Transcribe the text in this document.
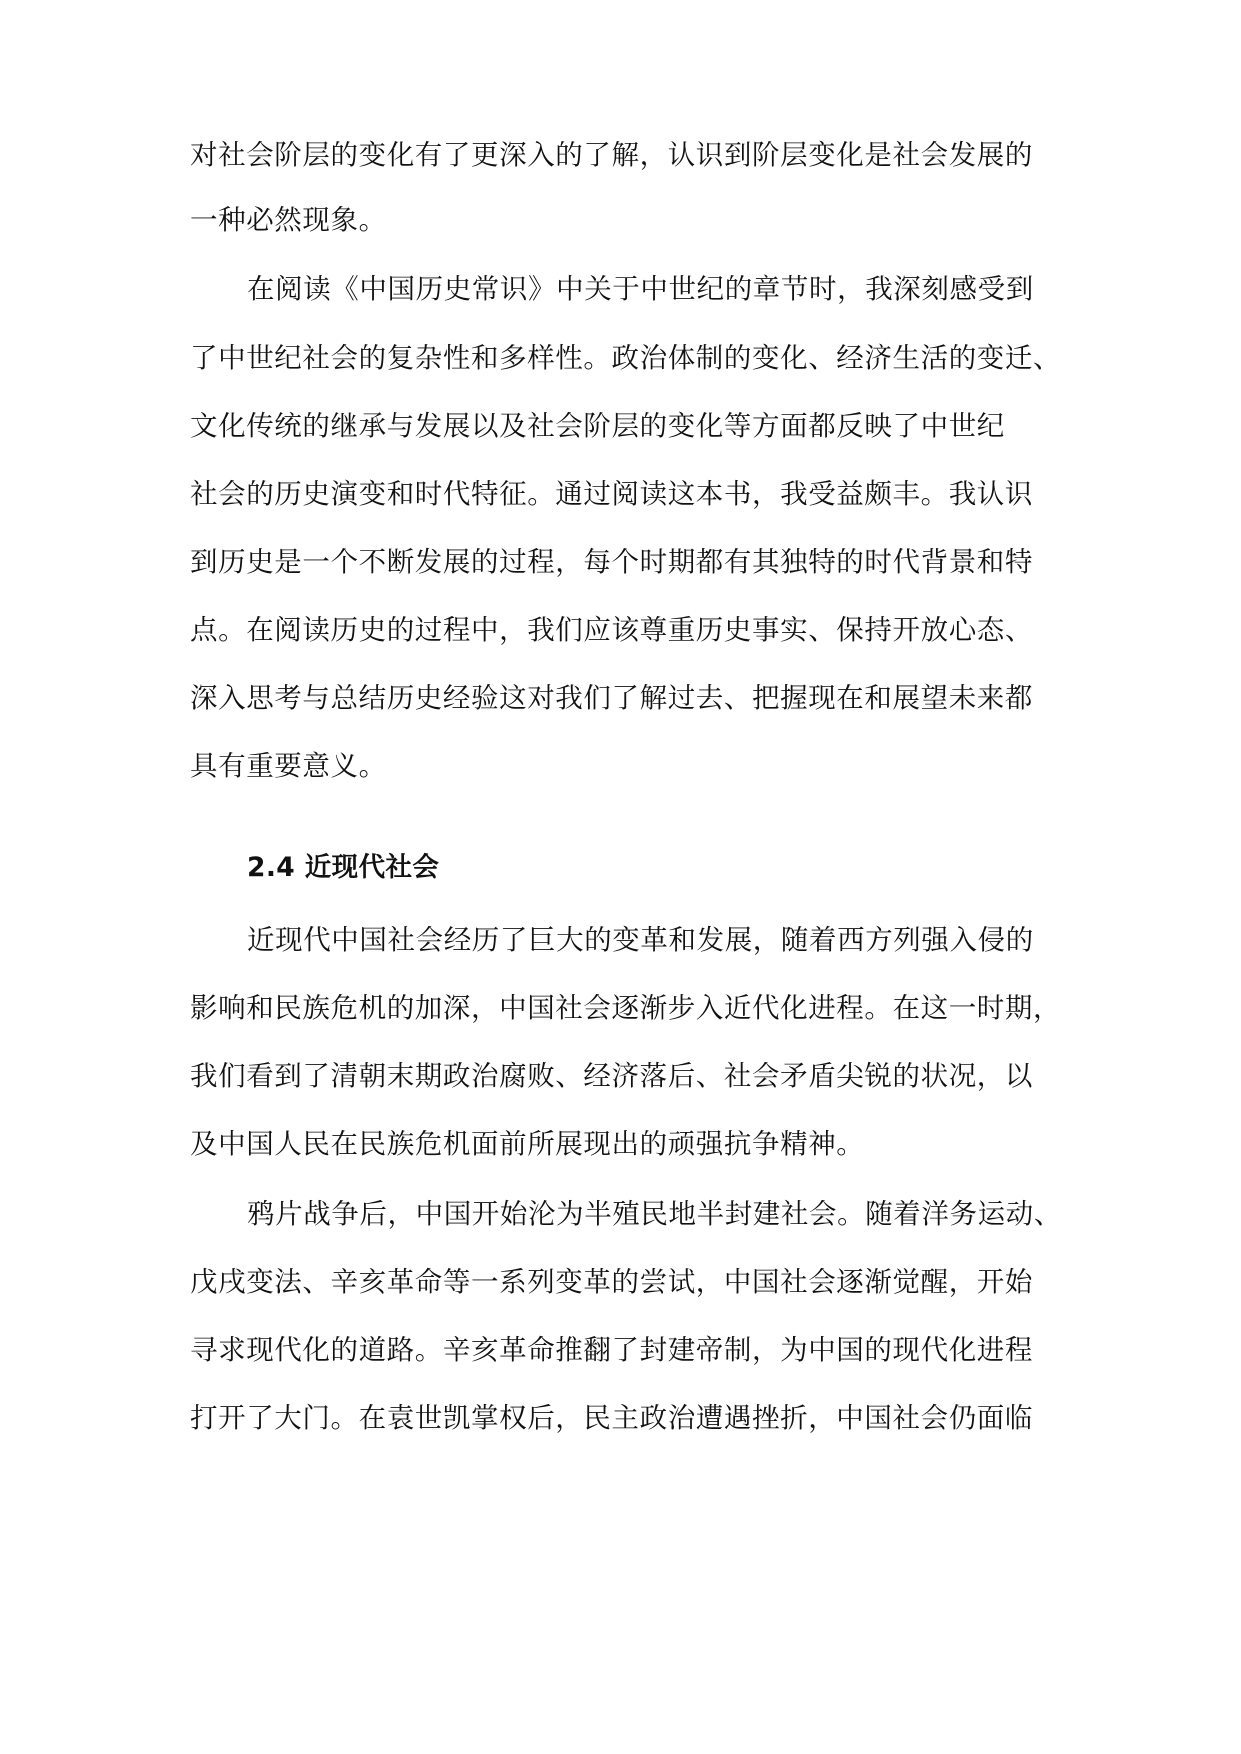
对社会阶层的变化有了更深入的了解，认识到阶层变化是社会发展的
一种必然现象。
在阅读《中国历史常识》中关于中世纪的章节时，我深刻感受到
了中世纪社会的复杂性和多样性。政治体制的变化、经济生活的变迁、
文化传统的继承与发展以及社会阶层的变化等方面都反映了中世纪
社会的历史演变和时代特征。通过阅读这本书，我受益颇丰。我认识
到历史是一个不断发展的过程，每个时期都有其独特的时代背景和特
点。在阅读历史的过程中，我们应该尊重历史事实、保持开放心态、
深入思考与总结历史经验这对我们了解过去、把握现在和展望未来都
具有重要意义。
2.4 近现代社会
近现代中国社会经历了巨大的变革和发展，随着西方列强入侵的
影响和民族危机的加深，中国社会逐渐步入近代化进程。在这一时期，
我们看到了清朝末期政治腐败、经济落后、社会矛盾尖锐的状况，以
及中国人民在民族危机面前所展现出的顽强抗争精神。
鸦片战争后，中国开始沦为半殖民地半封建社会。随着洋务运动、
戊戌变法、辛亥革命等一系列变革的尝试，中国社会逐渐觉醒，开始
寻求现代化的道路。辛亥革命推翻了封建帝制，为中国的现代化进程
打开了大门。在袁世凯掌权后，民主政治遭遇挫折，中国社会仍面临
